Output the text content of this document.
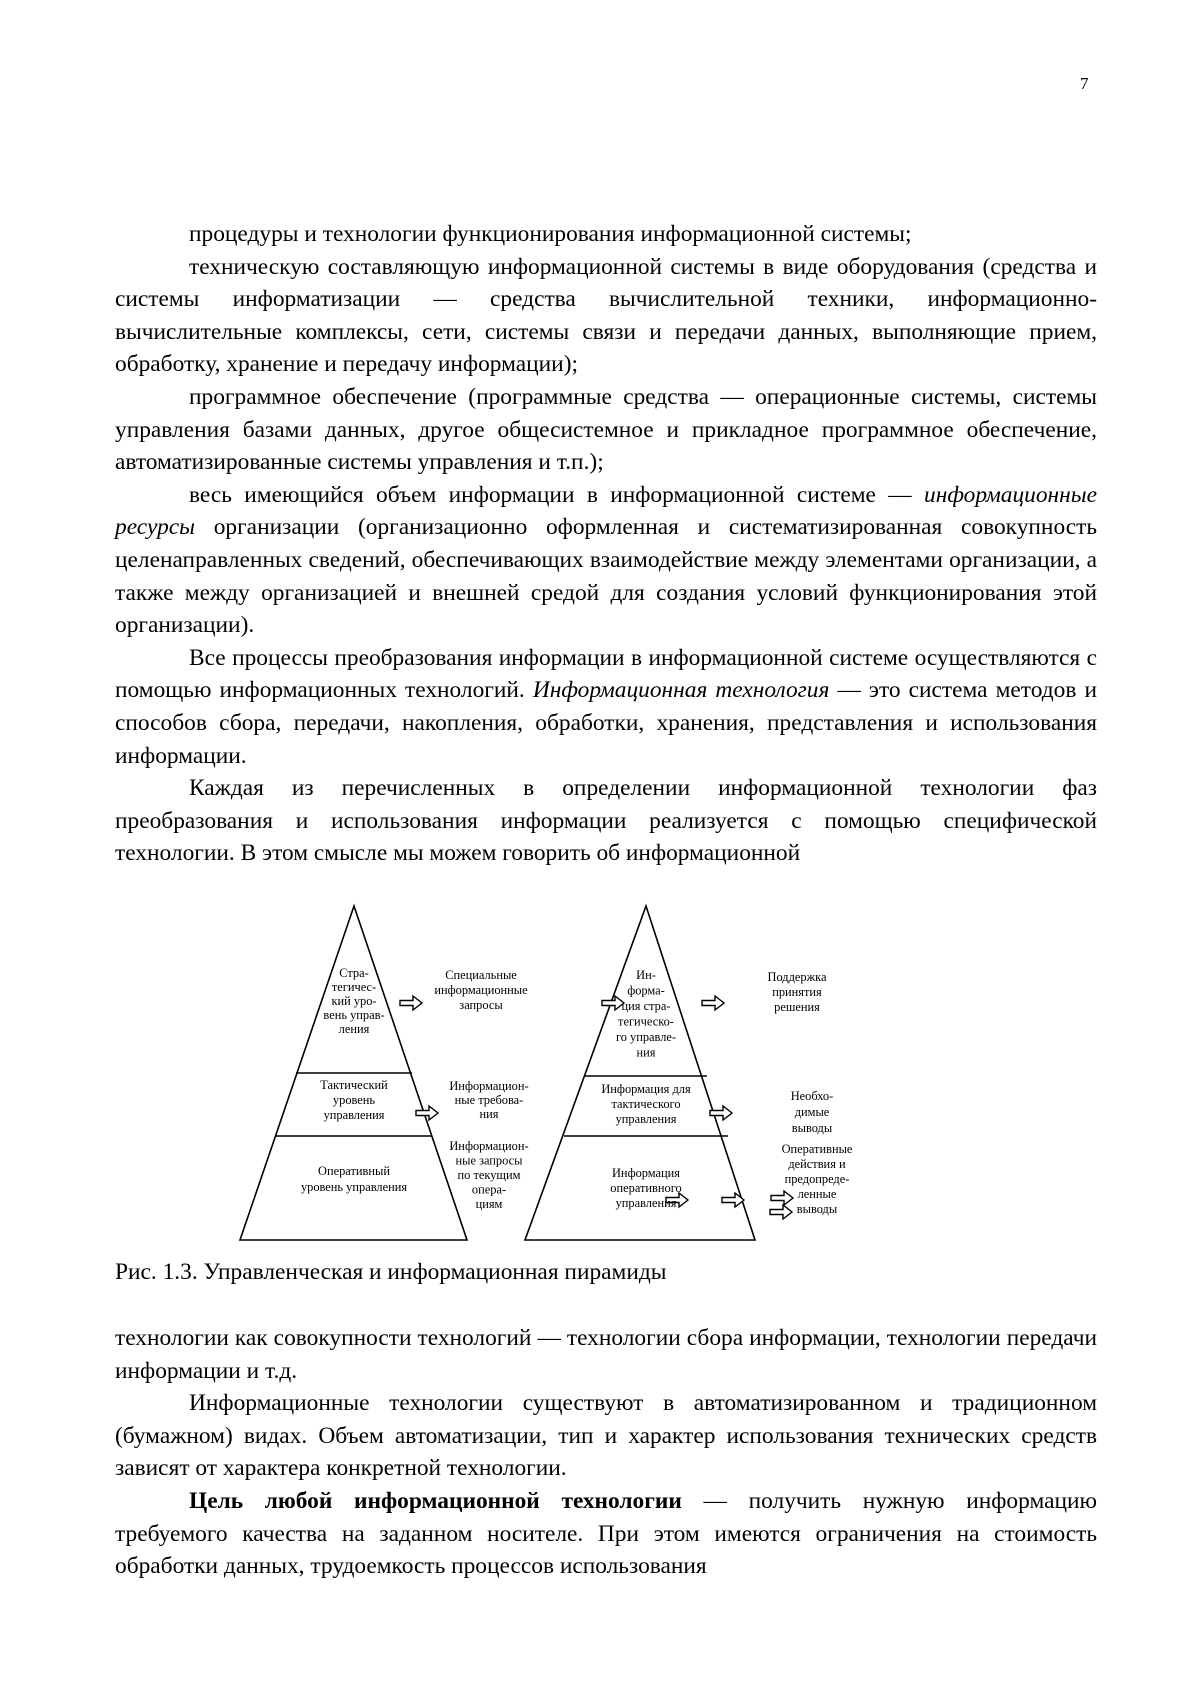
7

процедуры и технологии функционирования информационной системы;

техническую составляющую информационной системы в виде оборудования (средства и системы информатизации — средства вычислительной техники, информационно-вычислительные комплексы, сети, системы связи и передачи данных, выполняющие прием, обработку, хранение и передачу информации);

программное обеспечение (программные средства — операционные системы, системы управления базами данных, другое общесистемное и прикладное программное обеспечение, автоматизированные системы управления и т.п.);

весь имеющийся объем информации в информационной системе — информационные ресурсы организации (организационно оформленная и систематизированная совокупность целенаправленных сведений, обеспечивающих взаимодействие между элементами организации, а также между организацией и внешней средой для создания условий функционирования этой организации).

Все процессы преобразования информации в информационной системе осуществляются с помощью информационных технологий. Информационная технология — это система методов и способов сбора, передачи, накопления, обработки, хранения, представления и использования информации.

Каждая из перечисленных в определении информационной технологии фаз преобразования и использования информации реализуется с помощью специфической технологии. В этом смысле мы можем говорить об информационной

Стра-тегичес-кий уро-вень управ-ления
Тактический уровень управления
Оперативный уровень управления
Специальные информационные запросы
Информацион-ные требова-ния
Информацион-ные запросы по текущим опера-циям
Ин-форма-ция стра-тегическо-го управле-ния
Информация для тактического управления
Информация оперативного управления
Поддержка принятия решения
Необхо-димые выводы
Оперативные действия и предопреде-ленные выводы
Рис. 1.3. Управленческая и информационная пирамиды

технологии как совокупности технологий — технологии сбора информации, технологии передачи информации и т.д.

Информационные технологии существуют в автоматизированном и традиционном (бумажном) видах. Объем автоматизации, тип и характер использования технических средств зависят от характера конкретной технологии.

Цель любой информационной технологии — получить нужную информацию требуемого качества на заданном носителе. При этом имеются ограничения на стоимость обработки данных, трудоемкость процессов использования
